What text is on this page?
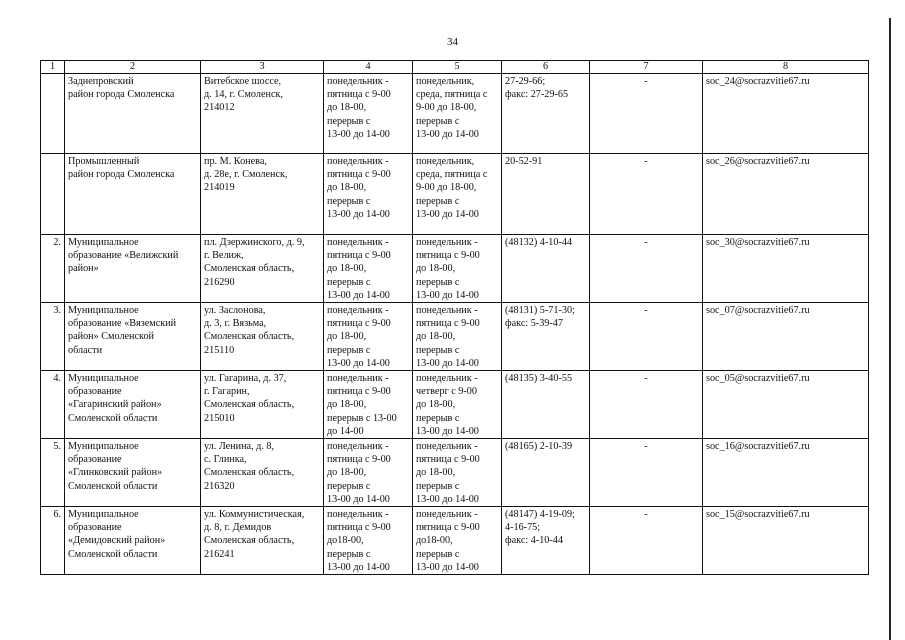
34
1	2	3	4	5	6	7	8

	Заднепровский
район города Смоленска	Витебское шоссе,
д. 14, г. Смоленск,
214012	понедельник -
пятница с 9-00
до 18-00,
перерыв с
13-00 до 14-00	понедельник,
среда, пятница с
9-00 до 18-00,
перерыв с
13-00 до 14-00	27-29-66;
факс: 27-29-65	-	soc_24@socrazvitie67.ru

	Промышленный
район города Смоленска	пр. М. Конева,
д. 28е, г. Смоленск,
214019	понедельник -
пятница с 9-00
до 18-00,
перерыв с
13-00 до 14-00	понедельник,
среда, пятница с
9-00 до 18-00,
перерыв с
13-00 до 14-00	20-52-91	-	soc_26@socrazvitie67.ru
2.	Муниципальное
образование «Велижский
район»	пл. Дзержинского, д. 9,
г. Велиж,
Смоленская область,
216290	понедельник -
пятница с 9-00
до 18-00,
перерыв с
13-00 до 14-00	понедельник -
пятница с 9-00
до 18-00,
перерыв с
13-00 до 14-00	(48132) 4-10-44	-	soc_30@socrazvitie67.ru
3.	Муниципальное
образование «Вяземский
район» Смоленской
области	ул. Заслонова,
д. 3, г. Вязьма,
Смоленская область,
215110	понедельник -
пятница с 9-00
до 18-00,
перерыв с
13-00 до 14-00	понедельник -
пятница с 9-00
до 18-00,
перерыв с
13-00 до 14-00	(48131) 5-71-30;
факс: 5-39-47	-	soc_07@socrazvitie67.ru
4.	Муниципальное
образование
«Гагаринский район»
Смоленской области	ул. Гагарина, д. 37,
г. Гагарин,
Смоленская область,
215010	понедельник -
пятница с 9-00
до 18-00,
перерыв с 13-00
до 14-00	понедельник -
четверг с 9-00
до 18-00,
перерыв с
13-00 до 14-00	(48135) 3-40-55	-	soc_05@socrazvitie67.ru
5.	Муниципальное
образование
«Глинковский район»
Смоленской области	ул. Ленина, д. 8,
с. Глинка,
Смоленская область,
216320	понедельник -
пятница с 9-00
до 18-00,
перерыв с
13-00 до 14-00	понедельник -
пятница с 9-00
до 18-00,
перерыв с
13-00 до 14-00	(48165) 2-10-39	-	soc_16@socrazvitie67.ru
6.	Муниципальное
образование
«Демидовский район»
Смоленской области	ул. Коммунистическая,
д. 8, г. Демидов
Смоленская область,
216241	понедельник -
пятница с 9-00
до18-00,
перерыв с
13-00 до 14-00	понедельник -
пятница с 9-00
до18-00,
перерыв с
13-00 до 14-00	(48147) 4-19-09;
4-16-75;
факс: 4-10-44	-	soc_15@socrazvitie67.ru
